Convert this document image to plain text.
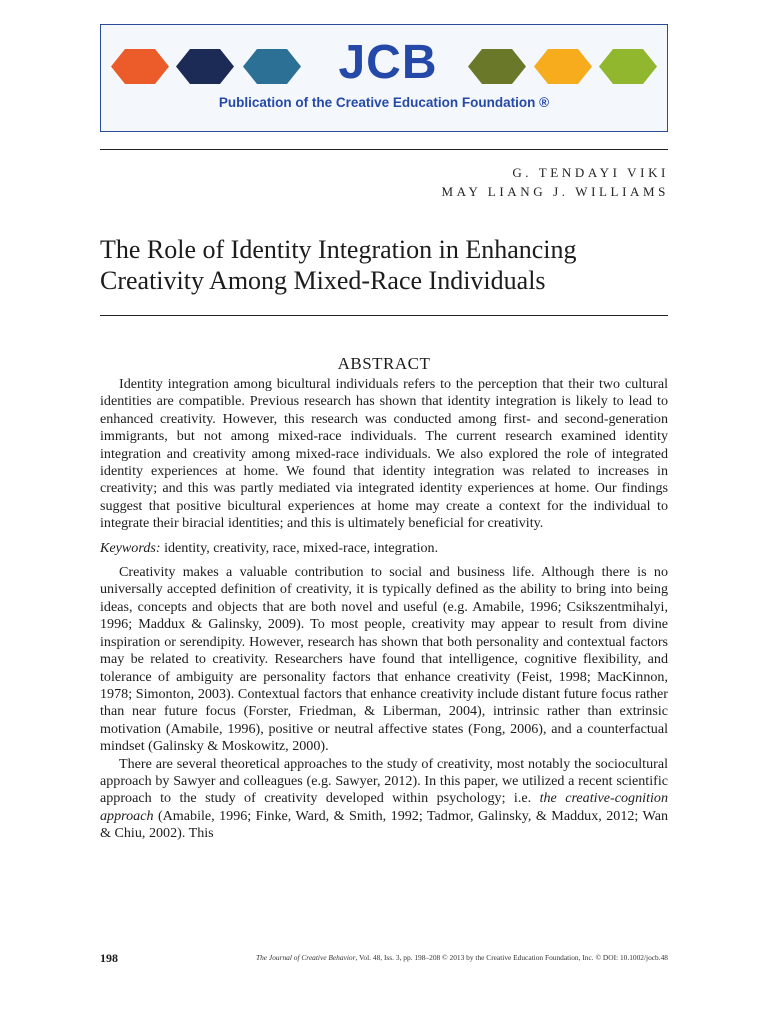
JCB
Publication of the Creative Education Foundation ®
G. TENDAYI VIKI
MAY LIANG J. WILLIAMS
The Role of Identity Integration in Enhancing Creativity Among Mixed-Race Individuals
ABSTRACT

Identity integration among bicultural individuals refers to the perception that their two cultural identities are compatible. Previous research has shown that identity integration is likely to lead to enhanced creativity. However, this research was conducted among first- and second-generation immigrants, but not among mixed-race individuals. The current research examined identity integration and creativity among mixed-race individuals. We also explored the role of integrated identity experiences at home. We found that identity integration was related to increases in creativity; and this was partly mediated via integrated identity experiences at home. Our findings suggest that positive bicultural experiences at home may create a context for the individual to integrate their biracial identities; and this is ultimately beneficial for creativity.

Keywords: identity, creativity, race, mixed-race, integration.

Creativity makes a valuable contribution to social and business life. Although there is no universally accepted definition of creativity, it is typically defined as the ability to bring into being ideas, concepts and objects that are both novel and useful (e.g. Amabile, 1996; Csikszentmihalyi, 1996; Maddux & Galinsky, 2009). To most people, creativity may appear to result from divine inspiration or serendipity. However, research has shown that both personality and contextual factors may be related to creativity. Researchers have found that intelligence, cognitive flexibility, and tolerance of ambiguity are personality factors that enhance creativity (Feist, 1998; MacKinnon, 1978; Simonton, 2003). Contextual factors that enhance creativity include distant future focus rather than near future focus (Forster, Friedman, & Liberman, 2004), intrinsic rather than extrinsic motivation (Amabile, 1996), positive or neutral affective states (Fong, 2006), and a counterfactual mindset (Galinsky & Moskowitz, 2000).

There are several theoretical approaches to the study of creativity, most notably the sociocultural approach by Sawyer and colleagues (e.g. Sawyer, 2012). In this paper, we utilized a recent scientific approach to the study of creativity developed within psychology; i.e. the creative-cognition approach (Amabile, 1996; Finke, Ward, & Smith, 1992; Tadmor, Galinsky, & Maddux, 2012; Wan & Chiu, 2002). This

198	The Journal of Creative Behavior, Vol. 48, Iss. 3, pp. 198–208 © 2013 by the Creative Education Foundation, Inc. © DOI: 10.1002/jocb.48
